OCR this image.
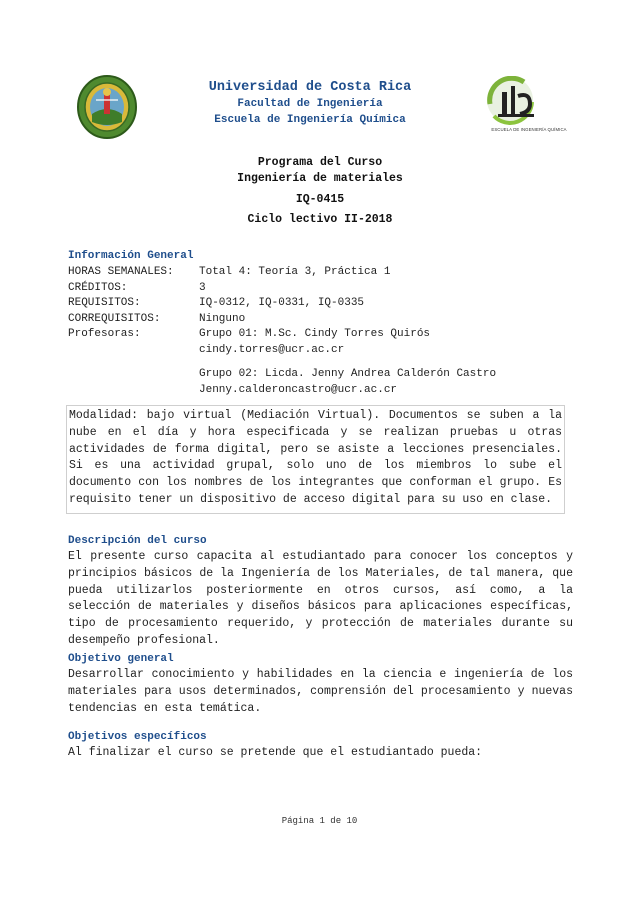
ESCUELA DE INGENIERÍA QUÍMICA
Universidad de Costa Rica
Facultad de Ingeniería
Escuela de Ingeniería Química
Programa del Curso
Ingeniería de materiales
IQ-0415
Ciclo lectivo II-2018
Información General
HORAS SEMANALES: Total 4: Teoría 3, Práctica 1
CRÉDITOS:	3
REQUISITOS:	IQ-0312, IQ-0331, IQ-0335
CORREQUISITOS:	Ninguno
Profesoras:	Grupo 01: M.Sc. Cindy Torres Quirós
cindy.torres@ucr.ac.cr
Grupo 02: Licda. Jenny Andrea Calderón Castro
Jenny.calderoncastro@ucr.ac.cr

Modalidad: bajo virtual (Mediación Virtual). Documentos se suben a la nube en el día y hora especificada y se realizan pruebas u otras actividades de forma digital, pero se asiste a lecciones presenciales. Si es una actividad grupal, solo uno de los miembros lo sube el documento con los nombres de los integrantes que conforman el grupo. Es requisito tener un dispositivo de acceso digital para su uso en clase.

Descripción del curso

El presente curso capacita al estudiantado para conocer los conceptos y principios básicos de la Ingeniería de los Materiales, de tal manera, que pueda utilizarlos posteriormente en otros cursos, así como, a la selección de materiales y diseños básicos para aplicaciones específicas, tipo de procesamiento requerido, y protección de materiales durante su desempeño profesional.

Objetivo general

Desarrollar conocimiento y habilidades en la ciencia e ingeniería de los materiales para usos determinados, comprensión del procesamiento y nuevas tendencias en esta temática.

Objetivos específicos

Al finalizar el curso se pretende que el estudiantado pueda:

Página 1 de 10
